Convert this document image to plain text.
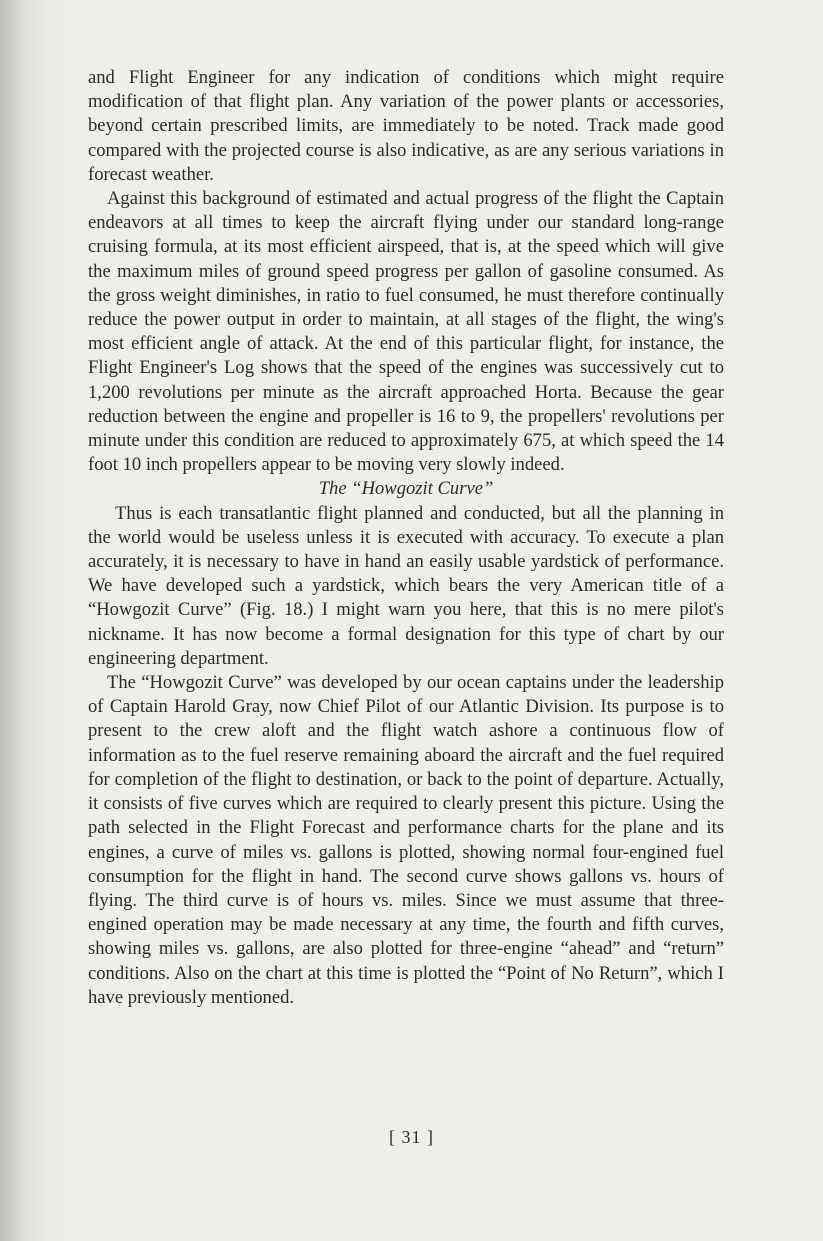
and Flight Engineer for any indication of conditions which might require modification of that flight plan. Any variation of the power plants or accessories, beyond certain prescribed limits, are immediately to be noted. Track made good compared with the projected course is also indicative, as are any serious variations in forecast weather.

Against this background of estimated and actual progress of the flight the Captain endeavors at all times to keep the aircraft flying under our standard long-range cruising formula, at its most efficient airspeed, that is, at the speed which will give the maximum miles of ground speed progress per gallon of gasoline consumed. As the gross weight diminishes, in ratio to fuel consumed, he must therefore continually reduce the power output in order to maintain, at all stages of the flight, the wing's most efficient angle of attack. At the end of this particular flight, for instance, the Flight Engineer's Log shows that the speed of the engines was successively cut to 1,200 revolutions per minute as the aircraft approached Horta. Because the gear reduction between the engine and propeller is 16 to 9, the propellers' revolutions per minute under this condition are reduced to approximately 675, at which speed the 14 foot 10 inch propellers appear to be moving very slowly indeed.

The “Howgozit Curve”

Thus is each transatlantic flight planned and conducted, but all the planning in the world would be useless unless it is executed with accuracy. To execute a plan accurately, it is necessary to have in hand an easily usable yardstick of performance. We have developed such a yardstick, which bears the very American title of a “Howgozit Curve” (Fig. 18.) I might warn you here, that this is no mere pilot's nickname. It has now become a formal designation for this type of chart by our engineering department.

The “Howgozit Curve” was developed by our ocean captains under the leadership of Captain Harold Gray, now Chief Pilot of our Atlantic Division. Its purpose is to present to the crew aloft and the flight watch ashore a continuous flow of information as to the fuel reserve remaining aboard the aircraft and the fuel required for completion of the flight to destination, or back to the point of departure. Actually, it consists of five curves which are required to clearly present this picture. Using the path selected in the Flight Forecast and performance charts for the plane and its engines, a curve of miles vs. gallons is plotted, showing normal four-engined fuel consumption for the flight in hand. The second curve shows gallons vs. hours of flying. The third curve is of hours vs. miles. Since we must assume that three-engined operation may be made necessary at any time, the fourth and fifth curves, showing miles vs. gallons, are also plotted for three-engine “ahead” and “return” conditions. Also on the chart at this time is plotted the “Point of No Return”, which I have previously mentioned.

[ 31 ]
